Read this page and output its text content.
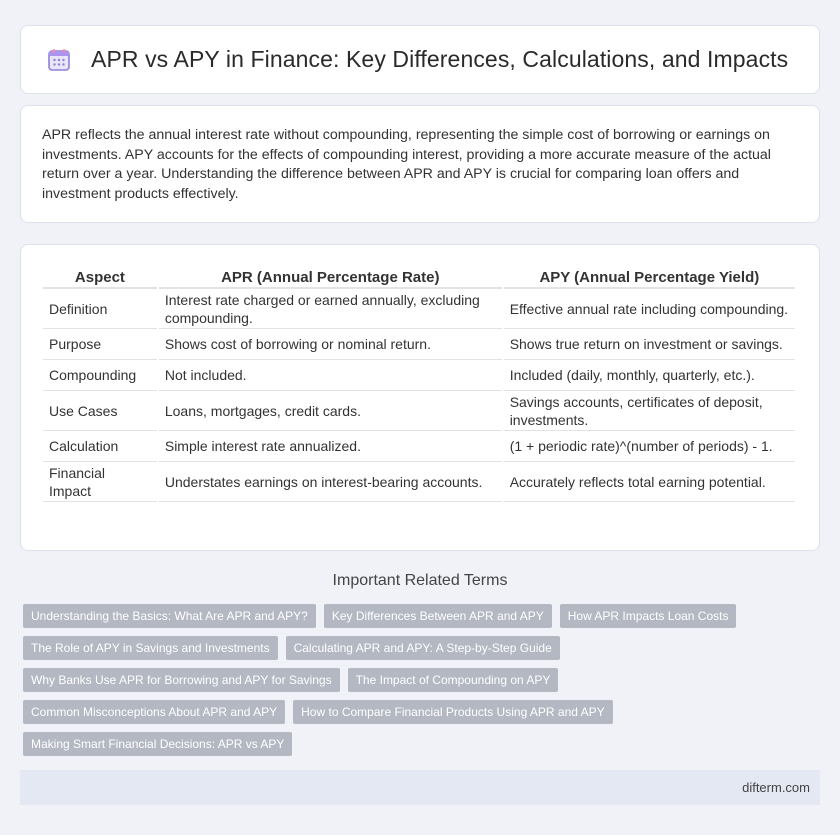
APR vs APY in Finance: Key Differences, Calculations, and Impacts

APR reflects the annual interest rate without compounding, representing the simple cost of borrowing or earnings on investments. APY accounts for the effects of compounding interest, providing a more accurate measure of the actual return over a year. Understanding the difference between APR and APY is crucial for comparing loan offers and investment products effectively.

Aspect	APR (Annual Percentage Rate)	APY (Annual Percentage Yield)
Definition	Interest rate charged or earned annually, excluding compounding.	Effective annual rate including compounding.
Purpose	Shows cost of borrowing or nominal return.	Shows true return on investment or savings.
Compounding	Not included.	Included (daily, monthly, quarterly, etc.).
Use Cases	Loans, mortgages, credit cards.	Savings accounts, certificates of deposit, investments.
Calculation	Simple interest rate annualized.	(1 + periodic rate)^(number of periods) - 1.
Financial Impact	Understates earnings on interest-bearing accounts.	Accurately reflects total earning potential.
Important Related Terms
Understanding the Basics: What Are APR and APY?	Key Differences Between APR and APY	How APR Impacts Loan Costs
The Role of APY in Savings and Investments	Calculating APR and APY: A Step-by-Step Guide
Why Banks Use APR for Borrowing and APY for Savings	The Impact of Compounding on APY
Common Misconceptions About APR and APY	How to Compare Financial Products Using APR and APY
Making Smart Financial Decisions: APR vs APY
difterm.com
